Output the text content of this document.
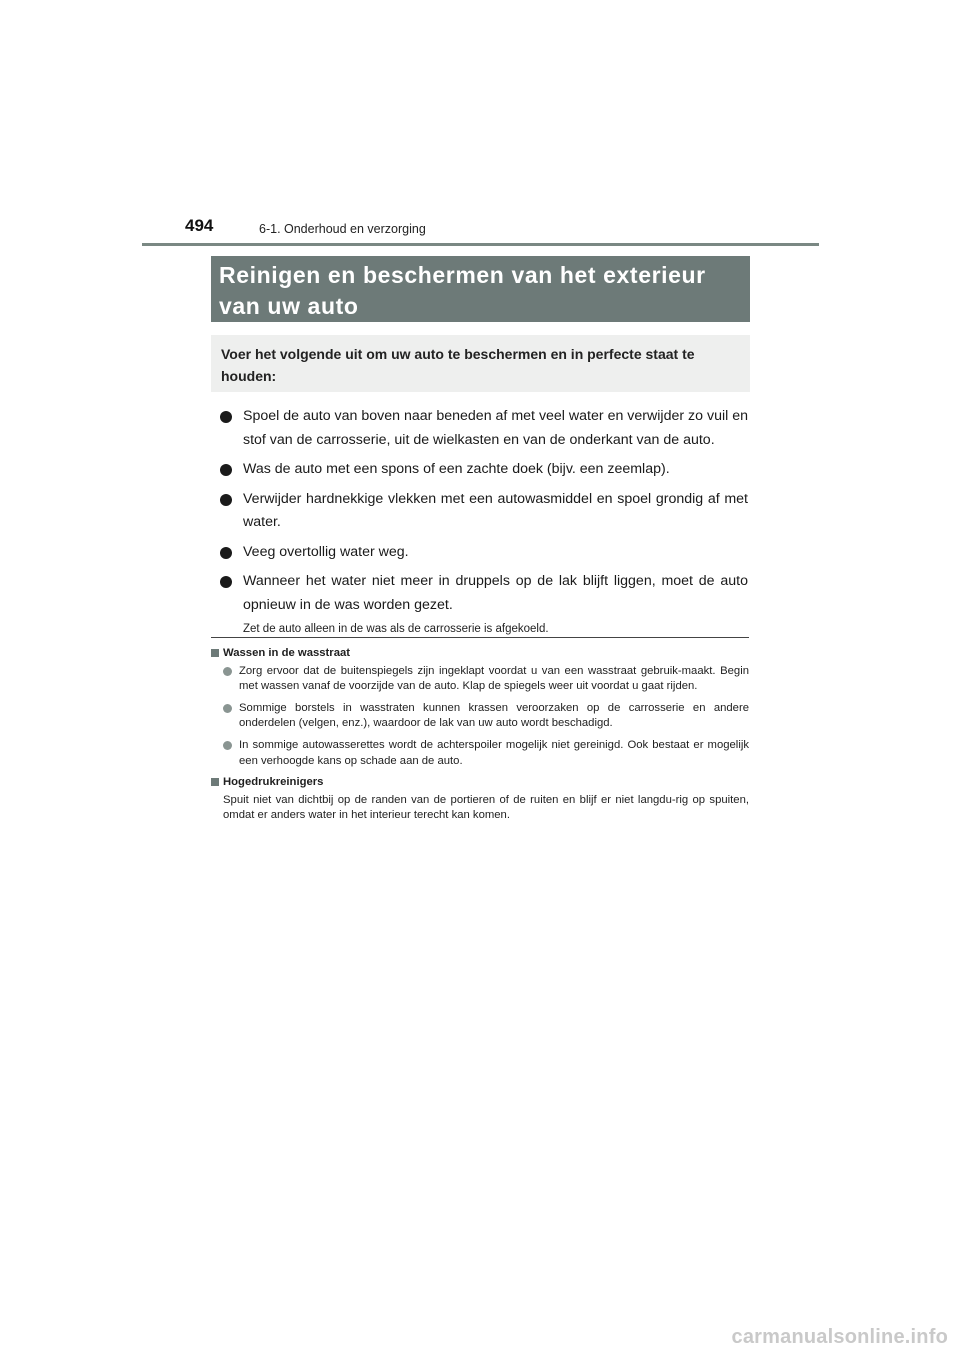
494	6-1. Onderhoud en verzorging
Reinigen en beschermen van het exterieur
van uw auto
Voer het volgende uit om uw auto te beschermen en in perfecte staat te
houden:
Spoel de auto van boven naar beneden af met veel water en verwijder zo vuil en stof van de carrosserie, uit de wielkasten en van de onderkant van de auto.
Was de auto met een spons of een zachte doek (bijv. een zeemlap).
Verwijder hardnekkige vlekken met een autowasmiddel en spoel grondig af met water.
Veeg overtollig water weg.
Wanneer het water niet meer in druppels op de lak blijft liggen, moet de auto opnieuw in de was worden gezet.
Zet de auto alleen in de was als de carrosserie is afgekoeld.
Wassen in de wasstraat
Zorg ervoor dat de buitenspiegels zijn ingeklapt voordat u van een wasstraat gebruik-maakt. Begin met wassen vanaf de voorzijde van de auto. Klap de spiegels weer uit voordat u gaat rijden.
Sommige borstels in wasstraten kunnen krassen veroorzaken op de carrosserie en andere onderdelen (velgen, enz.), waardoor de lak van uw auto wordt beschadigd.
In sommige autowasserettes wordt de achterspoiler mogelijk niet gereinigd. Ook bestaat er mogelijk een verhoogde kans op schade aan de auto.
Hogedrukreinigers
Spuit niet van dichtbij op de randen van de portieren of de ruiten en blijf er niet langdu-rig op spuiten, omdat er anders water in het interieur terecht kan komen.
carmanualsonline.info
